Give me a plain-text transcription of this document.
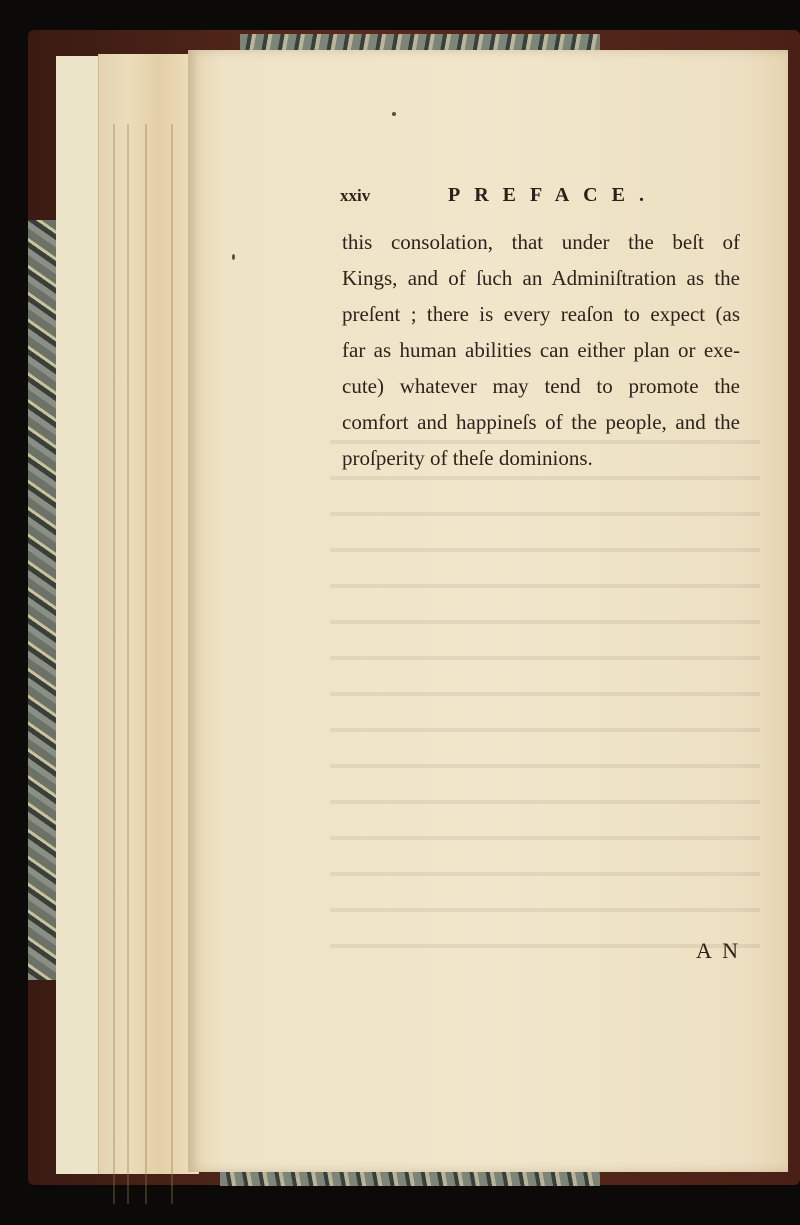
xxiv	PREFACE.
this consolation, that under the beſt of
Kings, and of ſuch an Adminiſtration as the
preſent ; there is every reaſon to expect (as
far as human abilities can either plan or exe-
cute) whatever may tend to promote the
comfort and happineſs of the people, and the
proſperity of theſe dominions.
A N
